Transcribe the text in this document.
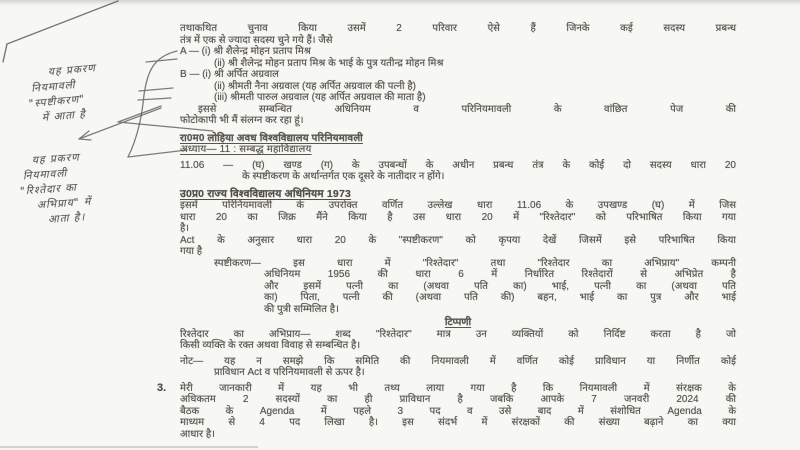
यह प्रकरण
नियमावली
"स्पष्टीकरण"
में आता है
यह प्रकरण
नियमावली
"रिश्तेदार का
अभिप्राय" में
आता है।
तथाकथित चुनाव किया उसमें 2 परिवार ऐसे हैं जिनके कई सदस्य प्रबन्ध
तंत्र में एक से ज्यादा सदस्य चुने गये हैं। जैसे
A — (i) श्री शैलेन्द्र मोहन प्रताप मिश्र
(ii) श्री शैलेन्द्र मोहन प्रताप मिश्र के भाई के पुत्र यतीन्द्र मोहन मिश्र
B — (i) श्री अर्पित अग्रवाल
(ii) श्रीमती नैना अग्रवाल (यह अर्पित अग्रवाल की पत्नी है)
(iii) श्रीमती पारुल अग्रवाल (यह अर्पित अग्रवाल की माता है)
इससे सम्बन्धित अधिनियम व परिनियमावली के वांछित पेज की
फोटोकापी भी मैं संलग्न कर रहा हूं।
रा0म0 लोहिया अवध विश्वविद्यालय परिनियमावली
अध्याय— 11 : सम्बद्ध महाविद्यालय
11.06 — (घ) खण्ड (ग) के उपबन्धों के अधीन प्रबन्ध तंत्र के कोई दो सदस्य धारा 20
के स्पष्टीकरण के अर्थान्तर्गत एक दूसरे के नातीदार न होंगे।
उ0प्र0 राज्य विश्वविद्यालय अधिनियम 1973
इसमें परिनियमावली के उपरोक्त वर्णित उल्लेख धारा 11.06 के उपखण्ड (घ) में जिस
धारा 20 का जिक्र मैंने किया है उस धारा 20 में "रिश्तेदार" को परिभाषित किया गया
है।
Act के अनुसार धारा 20 के "स्पष्टीकरण" को कृपया देखें जिसमें इसे परिभाषित किया
गया है
स्पष्टीकरण— इस धारा में "रिश्तेदार" तथा "रिश्तेदार का अभिप्राय" कम्पनी
अधिनियम 1956 की धारा 6 में निर्धारित रिश्तेदारों से अभिप्रेत है
और इसमें पत्नी का (अथवा पति का) भाई, पत्नी का (अथवा पति
का) पिता, पत्नी की (अथवा पति की) बहन, भाई का पुत्र और भाई
की पुत्री सम्मिलित है।
टिप्पणी
रिश्तेदार का अभिप्राय— शब्द "रिश्तेदार" मात्र उन व्यक्तियों को निर्दिष्ट करता है जो
किसी व्यक्ति के रक्त अथवा विवाह से सम्बन्धित है।
नोट— यह न समझे कि समिति की नियमावली में वर्णित कोई प्राविधान या निर्णीत कोई
प्राविधान Act व परिनियमावली से ऊपर है।
3. मेरी जानकारी में यह भी तथ्य लाया गया है कि नियमावली में संरक्षक के
अधिकतम 2 सदस्यों का ही प्राविधान है जबकि आपके 7 जनवरी 2024 की
बैठक के Agenda में पहले 3 पद व उसे बाद में संशोधित Agenda के
माध्यम से 4 पद लिखा है। इस संदर्भ में संरक्षकों की संख्या बढ़ाने का क्या
आधार है।
